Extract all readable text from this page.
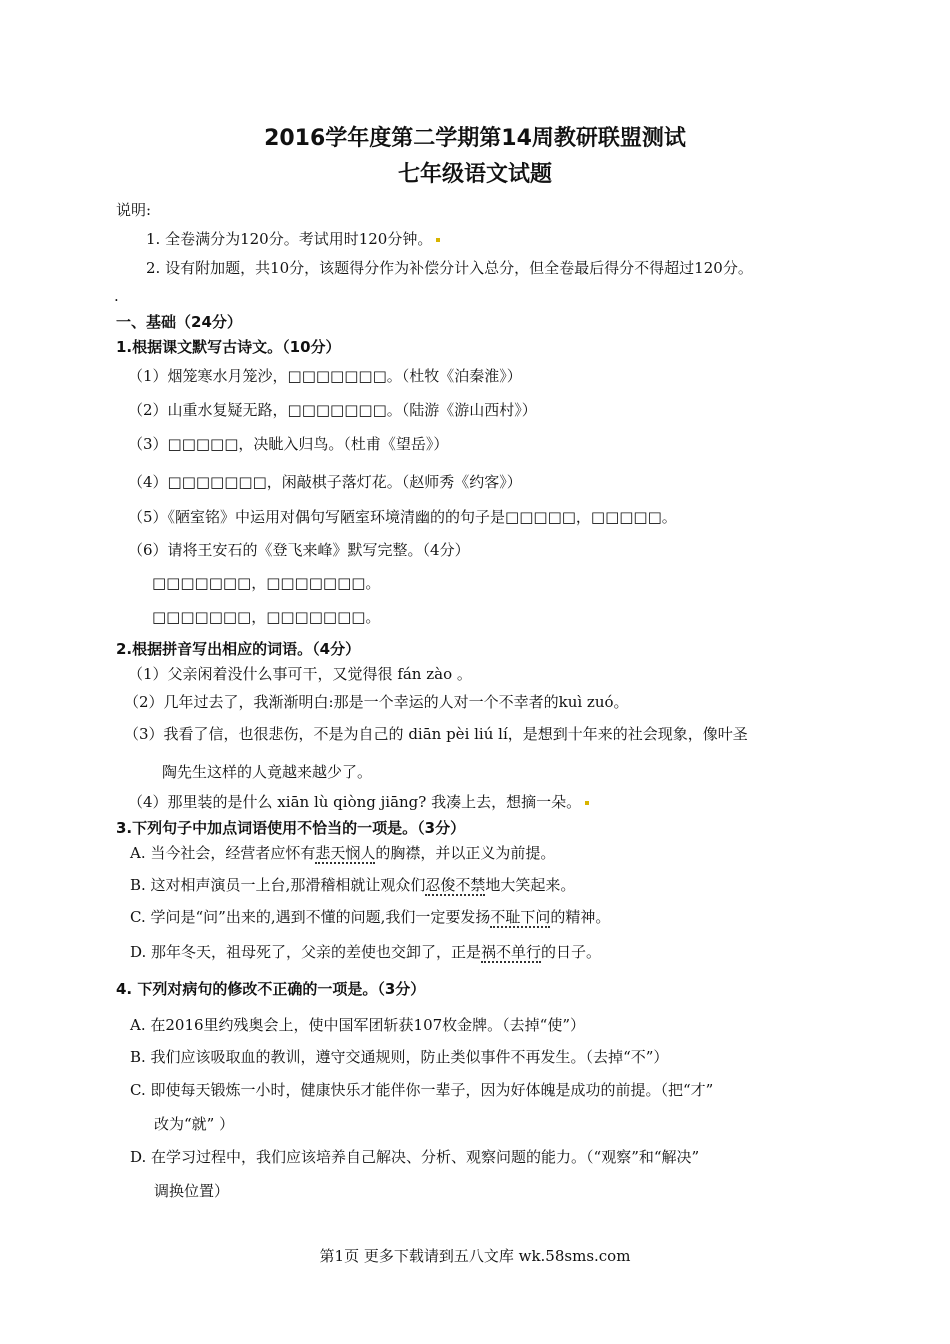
2016学年度第二学期第14周教研联盟测试
七年级语文试题
说明:
1. 全卷满分为120分。考试用时120分钟。
2. 设有附加题，共10分，该题得分作为补偿分计入总分，但全卷最后得分不得超过120分。
.
一、基础（24分）
1.根据课文默写古诗文。（10分）
（1）烟笼寒水月笼沙，□□□□□□□。（杜牧《泊秦淮》）
（2）山重水复疑无路，□□□□□□□。（陆游《游山西村》）
（3）□□□□□，决眦入归鸟。（杜甫《望岳》）
（4）□□□□□□□，闲敲棋子落灯花。（赵师秀《约客》）
（5）《陋室铭》中运用对偶句写陋室环境清幽的的句子是□□□□□，□□□□□。
（6）请将王安石的《登飞来峰》默写完整。（4分）
□□□□□□□，□□□□□□□。
□□□□□□□，□□□□□□□。
2.根据拼音写出相应的词语。（4分）
（1）父亲闲着没什么事可干，又觉得很 fán zào 。
（2）几年过去了，我渐渐明白:那是一个幸运的人对一个不幸者的kuì zuó。
（3）我看了信，也很悲伤，不是为自己的 diān pèi liú lí，是想到十年来的社会现象，像叶圣
陶先生这样的人竟越来越少了。
（4）那里装的是什么 xiān lù qiòng jiāng? 我凑上去，想摘一朵。
3.下列句子中加点词语使用不恰当的一项是。（3分）
A. 当今社会，经营者应怀有悲天悯人的胸襟，并以正义为前提。
B. 这对相声演员一上台,那滑稽相就让观众们忍俊不禁地大笑起来。
C. 学问是“问”出来的,遇到不懂的问题,我们一定要发扬不耻下问的精神。
D. 那年冬天，祖母死了，父亲的差使也交卸了，正是祸不单行的日子。
4. 下列对病句的修改不正确的一项是。（3分）
A. 在2016里约残奥会上，使中国军团斩获107枚金牌。（去掉“使”）
B. 我们应该吸取血的教训，遵守交通规则，防止类似事件不再发生。（去掉“不”）
C. 即使每天锻炼一小时，健康快乐才能伴你一辈子，因为好体魄是成功的前提。（把“才”
改为“就” ）
D. 在学习过程中，我们应该培养自己解决、分析、观察问题的能力。（“观察”和“解决”
调换位置）
第1页 更多下载请到五八文库 wk.58sms.com
